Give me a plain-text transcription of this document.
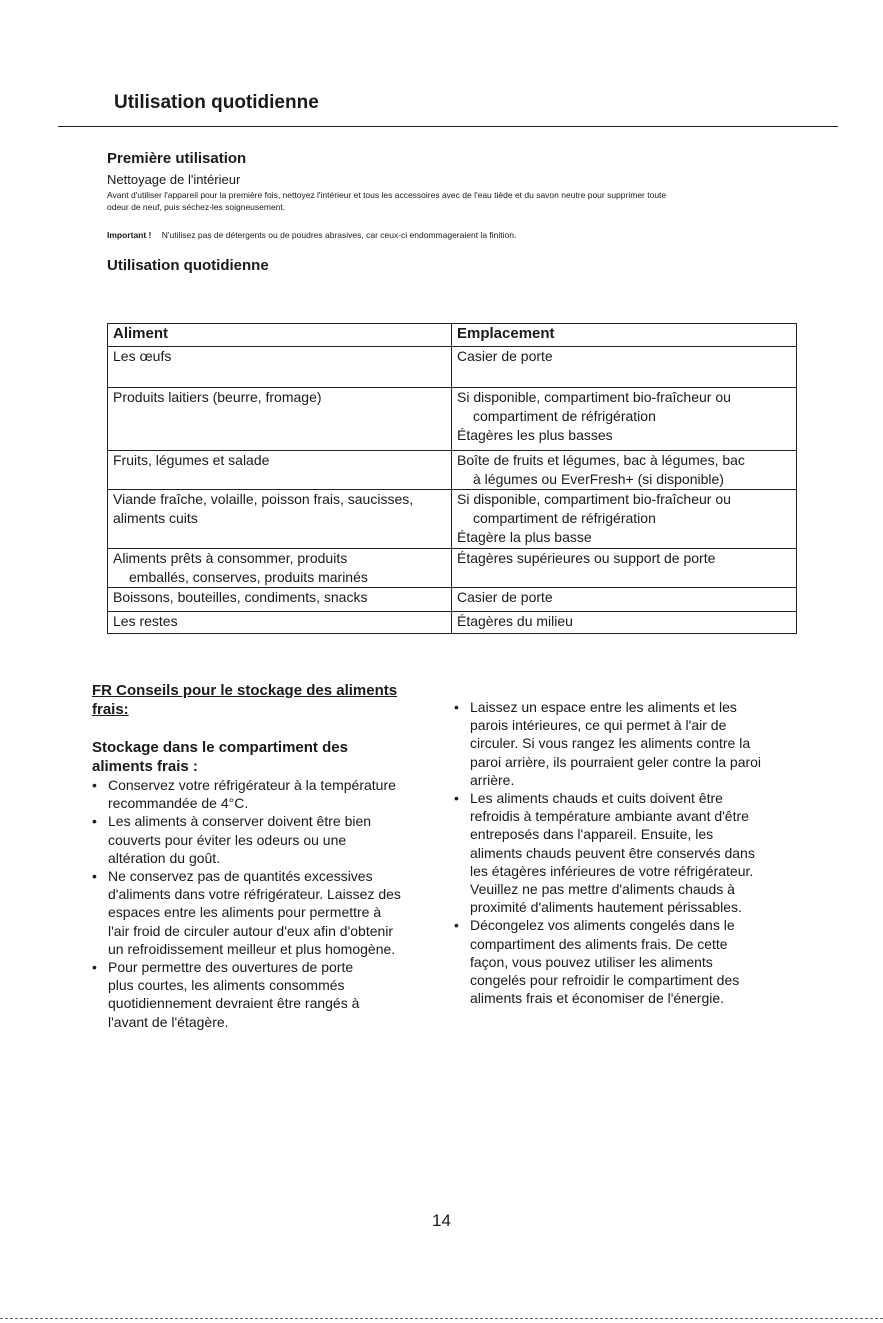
Utilisation quotidienne
Première utilisation
Nettoyage de l'intérieur
Avant d'utiliser l'appareil pour la première fois, nettoyez l'intérieur et tous les accessoires avec de l'eau tiède et du savon neutre pour supprimer toute
odeur de neuf, puis séchez-les soigneusement.
Important ! N'utilisez pas de détergents ou de poudres abrasives, car ceux-ci endommageraient la finition.
Utilisation quotidienne
Aliment	Emplacement

Les œufs	Casier de porte

Produits laitiers (beurre, fromage)	Si disponible, compartiment bio-fraîcheur ou
compartiment de réfrigération
Étagères les plus basses

Fruits, légumes et salade	Boîte de fruits et légumes, bac à légumes, bac
à légumes ou EverFresh+ (si disponible)

Viande fraîche, volaille, poisson frais, saucisses,
aliments cuits	Si disponible, compartiment bio-fraîcheur ou
compartiment de réfrigération
Étagère la plus basse

Aliments prêts à consommer, produits
emballés, conserves, produits marinés	Étagères supérieures ou support de porte

Boissons, bouteilles, condiments, snacks	Casier de porte

Les restes	Étagères du milieu
FR Conseils pour le stockage des aliments
frais:
Stockage dans le compartiment des
aliments frais :
• Conservez votre réfrigérateur à la température
recommandée de 4°C.
• Les aliments à conserver doivent être bien
couverts pour éviter les odeurs ou une
altération du goût.
• Ne conservez pas de quantités excessives
d'aliments dans votre réfrigérateur. Laissez des
espaces entre les aliments pour permettre à
l'air froid de circuler autour d'eux afin d'obtenir
un refroidissement meilleur et plus homogène.
• Pour permettre des ouvertures de porte
plus courtes, les aliments consommés
quotidiennement devraient être rangés à
l'avant de l'étagère.
• Laissez un espace entre les aliments et les
parois intérieures, ce qui permet à l'air de
circuler. Si vous rangez les aliments contre la
paroi arrière, ils pourraient geler contre la paroi
arrière.
• Les aliments chauds et cuits doivent être
refroidis à température ambiante avant d'être
entreposés dans l'appareil. Ensuite, les
aliments chauds peuvent être conservés dans
les étagères inférieures de votre réfrigérateur.
Veuillez ne pas mettre d'aliments chauds à
proximité d'aliments hautement périssables.
• Décongelez vos aliments congelés dans le
compartiment des aliments frais. De cette
façon, vous pouvez utiliser les aliments
congelés pour refroidir le compartiment des
aliments frais et économiser de l'énergie.
14
